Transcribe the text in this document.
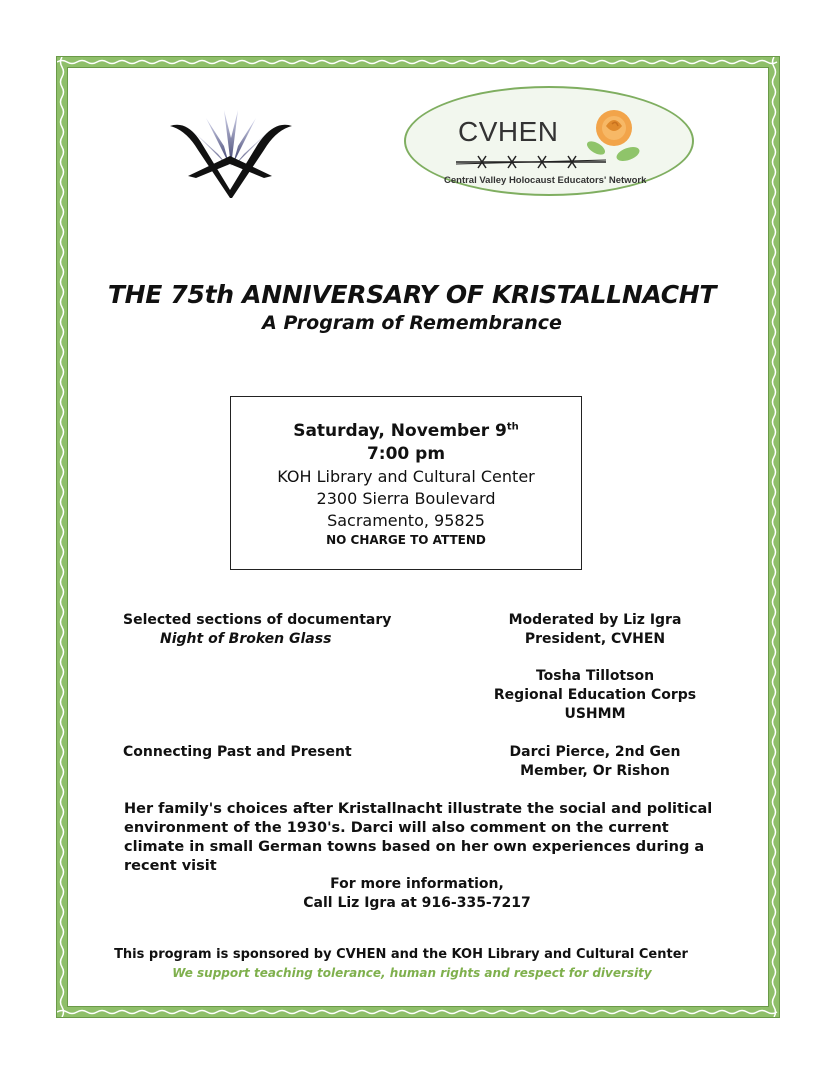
CVHEN
Central Valley Holocaust Educators' Network
THE 75th ANNIVERSARY OF KRISTALLNACHT
A Program of Remembrance
Saturday, November 9th
7:00 pm
KOH Library and Cultural Center
2300 Sierra Boulevard
Sacramento, 95825
NO CHARGE TO ATTEND
Selected sections of documentary
Night of Broken Glass
Connecting Past and Present
Moderated by Liz Igra
President, CVHEN
Tosha Tillotson
Regional Education Corps
USHMM
Darci Pierce, 2nd Gen
Member, Or Rishon
Her family's choices after Kristallnacht illustrate the social and political environment of the 1930's. Darci will also comment on the current climate in small German towns based on her own experiences during a recent visit
For more information,
Call Liz Igra at 916-335-7217
This program is sponsored by CVHEN and the KOH Library and Cultural Center
We support teaching tolerance, human rights and respect for diversity
